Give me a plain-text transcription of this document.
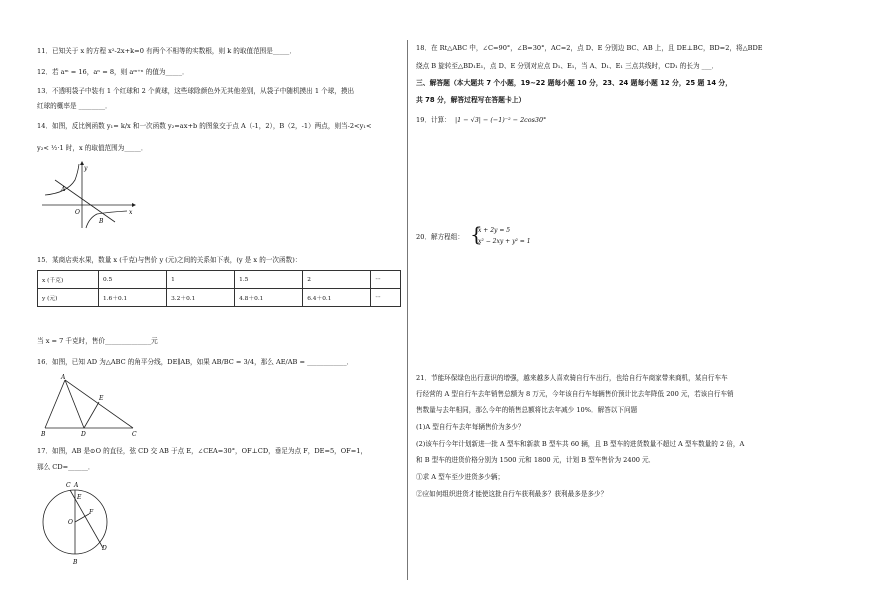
11．已知关于 x 的方程 x²-2x+k=0 有两个不相等的实数根，则 k 的取值范围是_____．
12．若 aᵐ = 16，aⁿ = 8，则 aᵐ⁺ⁿ 的值为_____．
13．不透明袋子中装有 1 个红球和 2 个黄球，这些球除颜色外无其他差别，从袋子中随机摸出 1 个球，摸出
红球的概率是 ________．
14．如图，反比例函数 y₁= k/x 和一次函数 y₂=ax+b 的图象交于点 A（-1，2），B（2，-1）两点，则当-2<y₁<
y₂< ½·1 时，x 的取值范围为_____．
y
x
O
A
B
15．某商店卖水果，数量 x (千克)与售价 y (元)之间的关系如下表，(y 是 x 的一次函数)：
x (千克)	0.5	1	1.5	2	···
y (元)	1.6＋0.1	3.2＋0.1	4.8＋0.1	6.4＋0.1	···
当 x = 7 千克时，售价______________元
16．如图，已知 AD 为△ABC 的角平分线，DE∥AB，如果 AB/BC = 3/4，那么 AE/AB = ____________．
A
B	D	C
E
17．如图，AB 是⊙O 的直径，弦 CD 交 AB 于点 E，∠CEA=30°，OF⊥CD，垂足为点 F，DE=5，OF=1，
那么 CD=______．
C A
E
F
O
D
B
18．在 Rt△ABC 中，∠C=90°，∠B=30°，AC=2，点 D、E 分别边 BC、AB 上，且 DE⊥BC，BD=2，将△BDE
绕点 B 旋转至△BD₁E₁，点 D、E 分别对应点 D₁、E₁，当 A、D₁、E₁ 三点共线时，CD₁ 的长为 ___．
三、解答题（本大题共 7 个小题，19~22 题每小题 10 分，23、24 题每小题 12 分，25 题 14 分，
共 78 分，解答过程写在答题卡上）
19．计算： |1 − √3| − (−1)⁻² − 2cos30°
20．解方程组： {
x + 2y = 5
x² − 2xy + y² = 1
21．节能环保绿色出行意识的增强，越来越多人喜欢骑自行车出行，也给自行车商家带来商机，某自行车车
行经营的 A 型自行车去年销售总额为 8 万元，今年该自行车每辆售价预计比去年降低 200 元，若该自行车销
售数量与去年相同，那么今年的销售总额将比去年减少 10%．解答以下问题
(1)A 型自行车去年每辆售价为多少？
(2)该车行今年计划新进一批 A 型车和新款 B 型车共 60 辆，且 B 型车的进货数量不超过 A 型车数量的 2 倍，A
和 B 型车的进货价格分别为 1500 元和 1800 元，计划 B 型车售价为 2400 元．
①求 A 型车至少进货多少辆；
②应如何组织进货才能使这批自行车获利最多？获利最多是多少？
